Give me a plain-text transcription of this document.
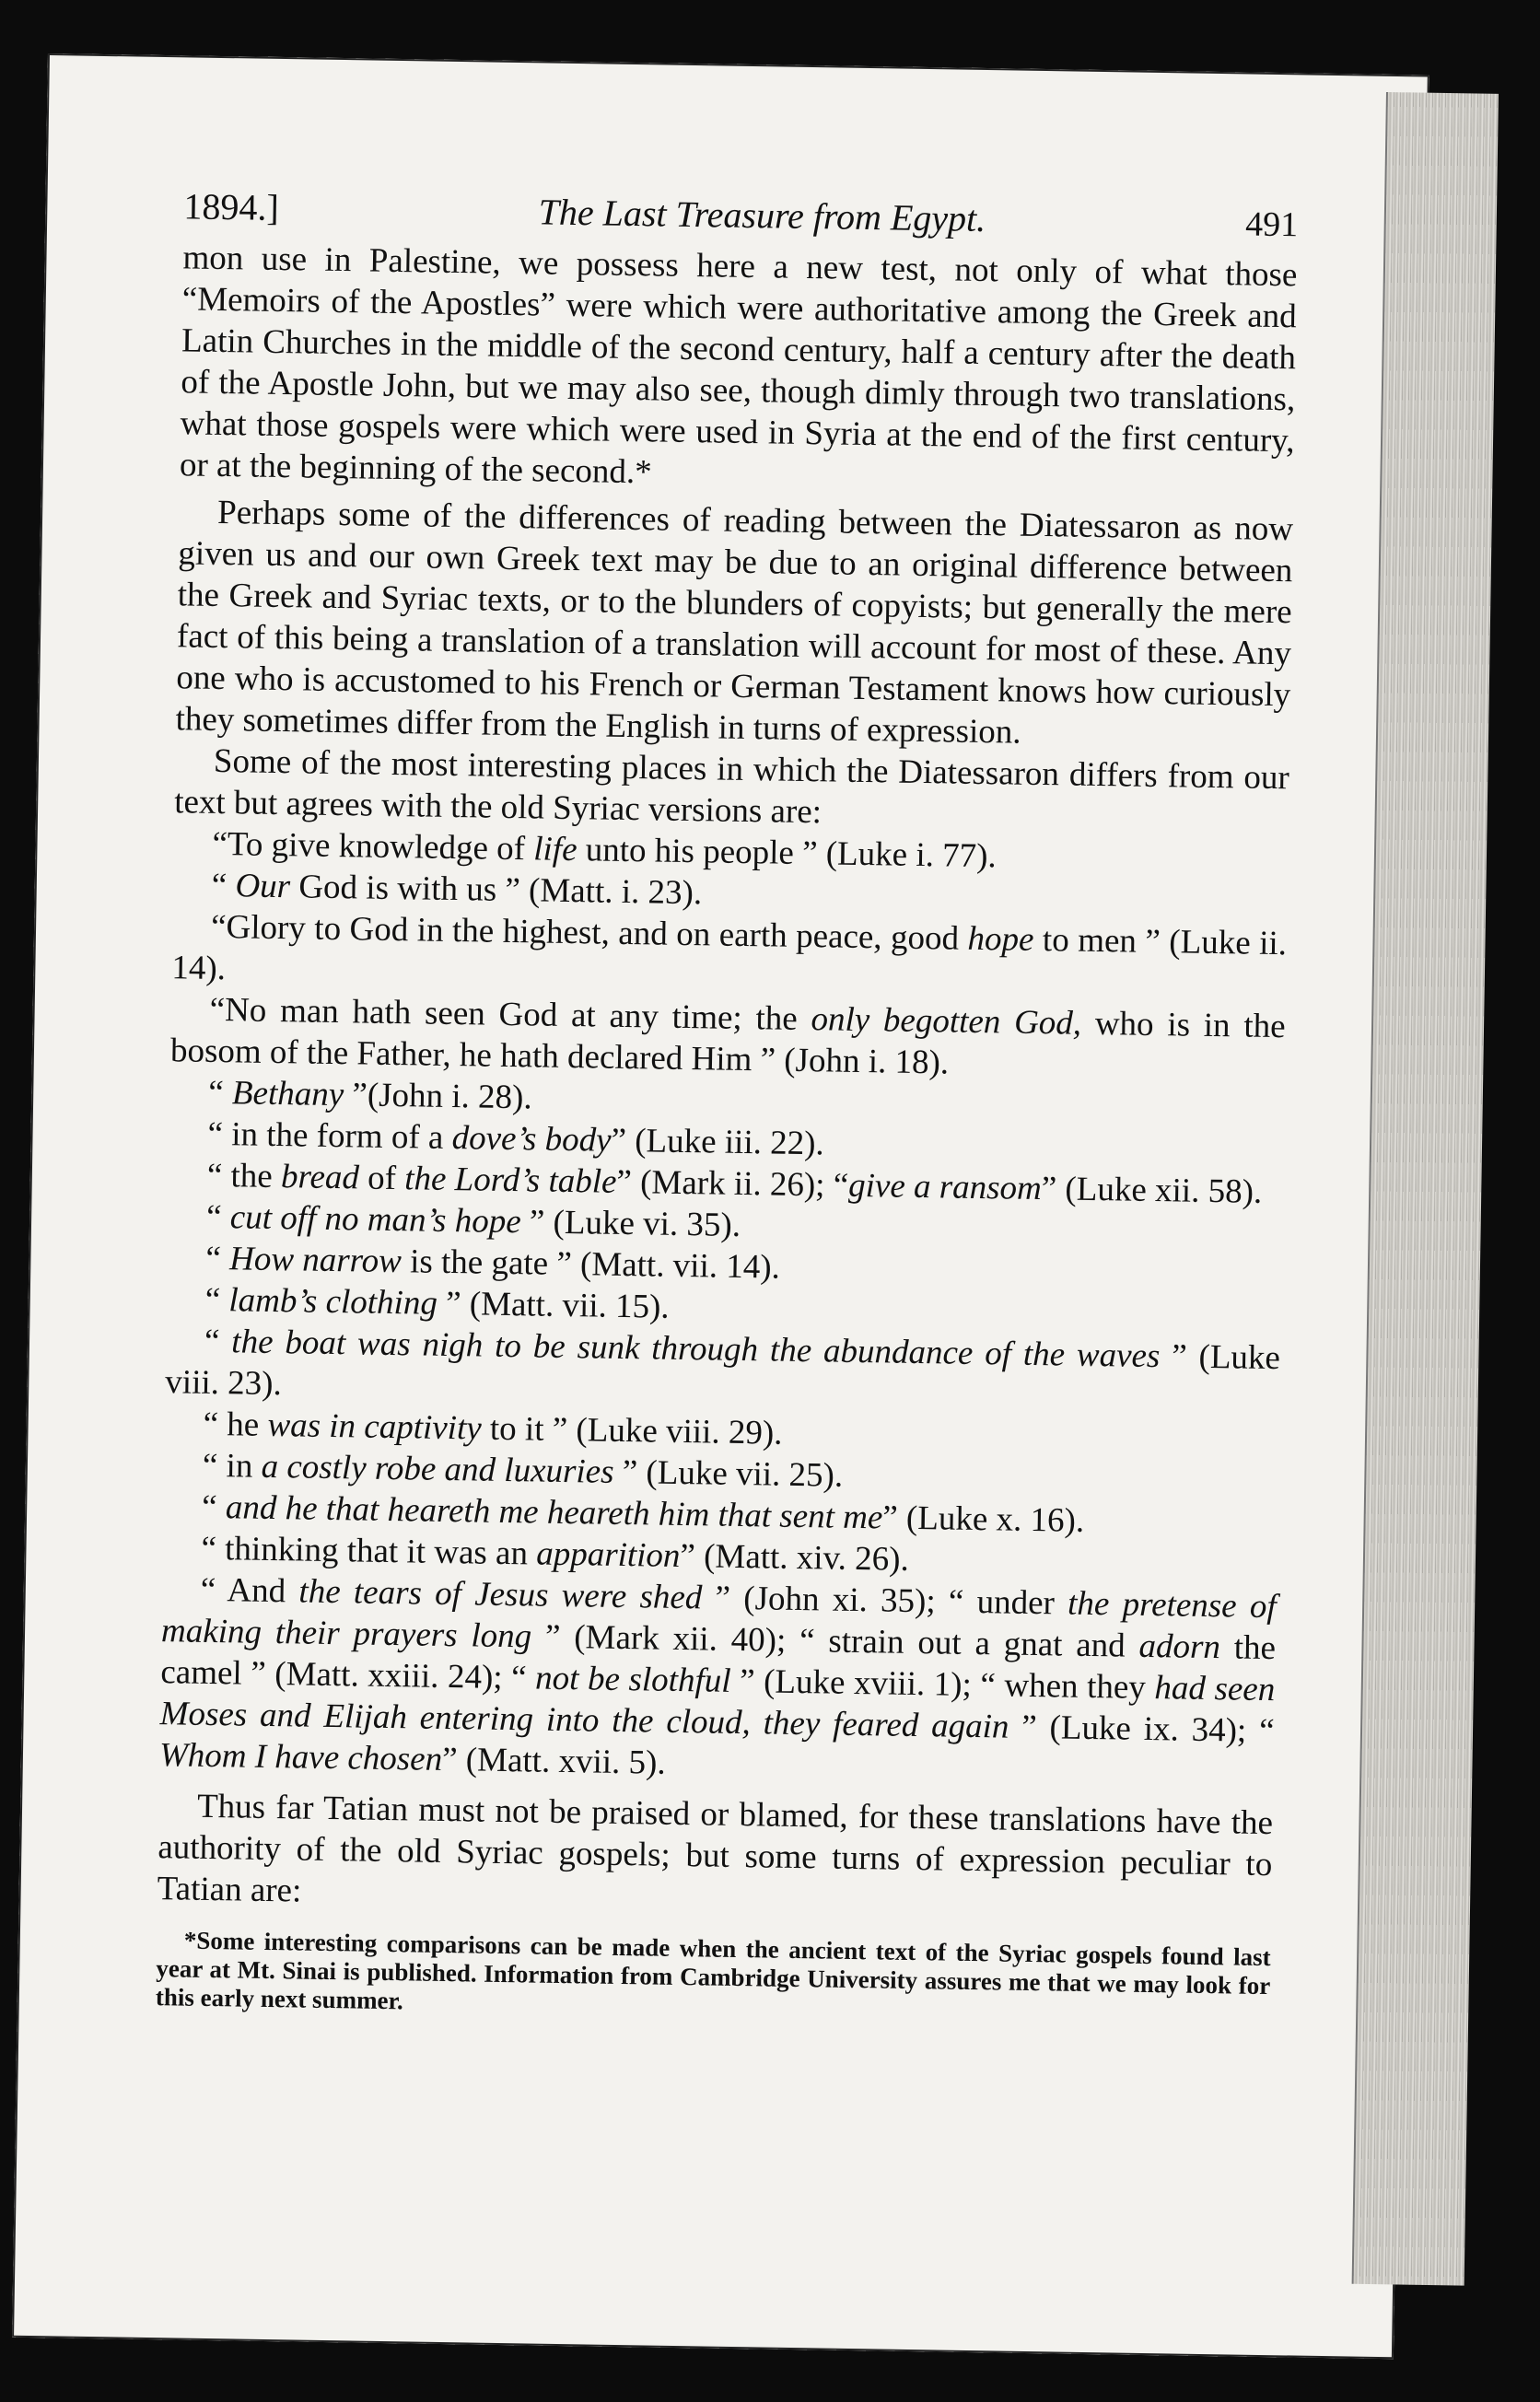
1894.]	The Last Treasure from Egypt.	491

mon use in Palestine, we possess here a new test, not only of what those “Memoirs of the Apostles” were which were authoritative among the Greek and Latin Churches in the middle of the second century, half a century after the death of the Apostle John, but we may also see, though dimly through two translations, what those gospels were which were used in Syria at the end of the first century, or at the beginning of the second.*

Perhaps some of the differences of reading between the Diatessaron as now given us and our own Greek text may be due to an original difference between the Greek and Syriac texts, or to the blunders of copyists; but generally the mere fact of this being a translation of a translation will account for most of these. Any one who is accustomed to his French or German Testament knows how curiously they sometimes differ from the English in turns of expression.

Some of the most interesting places in which the Diatessaron differs from our text but agrees with the old Syriac versions are:

“To give knowledge of life unto his people ” (Luke i. 77).

“ Our God is with us ” (Matt. i. 23).

“Glory to God in the highest, and on earth peace, good hope to men ” (Luke ii. 14).

“No man hath seen God at any time; the only begotten God, who is in the bosom of the Father, he hath declared Him ” (John i. 18).

“ Bethany ”(John i. 28).

“ in the form of a dove’s body” (Luke iii. 22).

“ the bread of the Lord’s table” (Mark ii. 26); “give a ransom” (Luke xii. 58).

“ cut off no man’s hope ” (Luke vi. 35).

“ How narrow is the gate ” (Matt. vii. 14).

“ lamb’s clothing ” (Matt. vii. 15).

“ the boat was nigh to be sunk through the abundance of the waves ” (Luke viii. 23).

“ he was in captivity to it ” (Luke viii. 29).

“ in a costly robe and luxuries ” (Luke vii. 25).

“ and he that heareth me heareth him that sent me” (Luke x. 16).

“ thinking that it was an apparition” (Matt. xiv. 26).

“ And the tears of Jesus were shed ” (John xi. 35); “ under the pretense of making their prayers long ” (Mark xii. 40); “ strain out a gnat and adorn the camel ” (Matt. xxiii. 24); “ not be slothful ” (Luke xviii. 1); “ when they had seen Moses and Elijah entering into the cloud, they feared again ” (Luke ix. 34); “ Whom I have chosen” (Matt. xvii. 5).

Thus far Tatian must not be praised or blamed, for these translations have the authority of the old Syriac gospels; but some turns of expression peculiar to Tatian are:

*Some interesting comparisons can be made when the ancient text of the Syriac gospels found last year at Mt. Sinai is published. Information from Cambridge University assures me that we may look for this early next summer.
